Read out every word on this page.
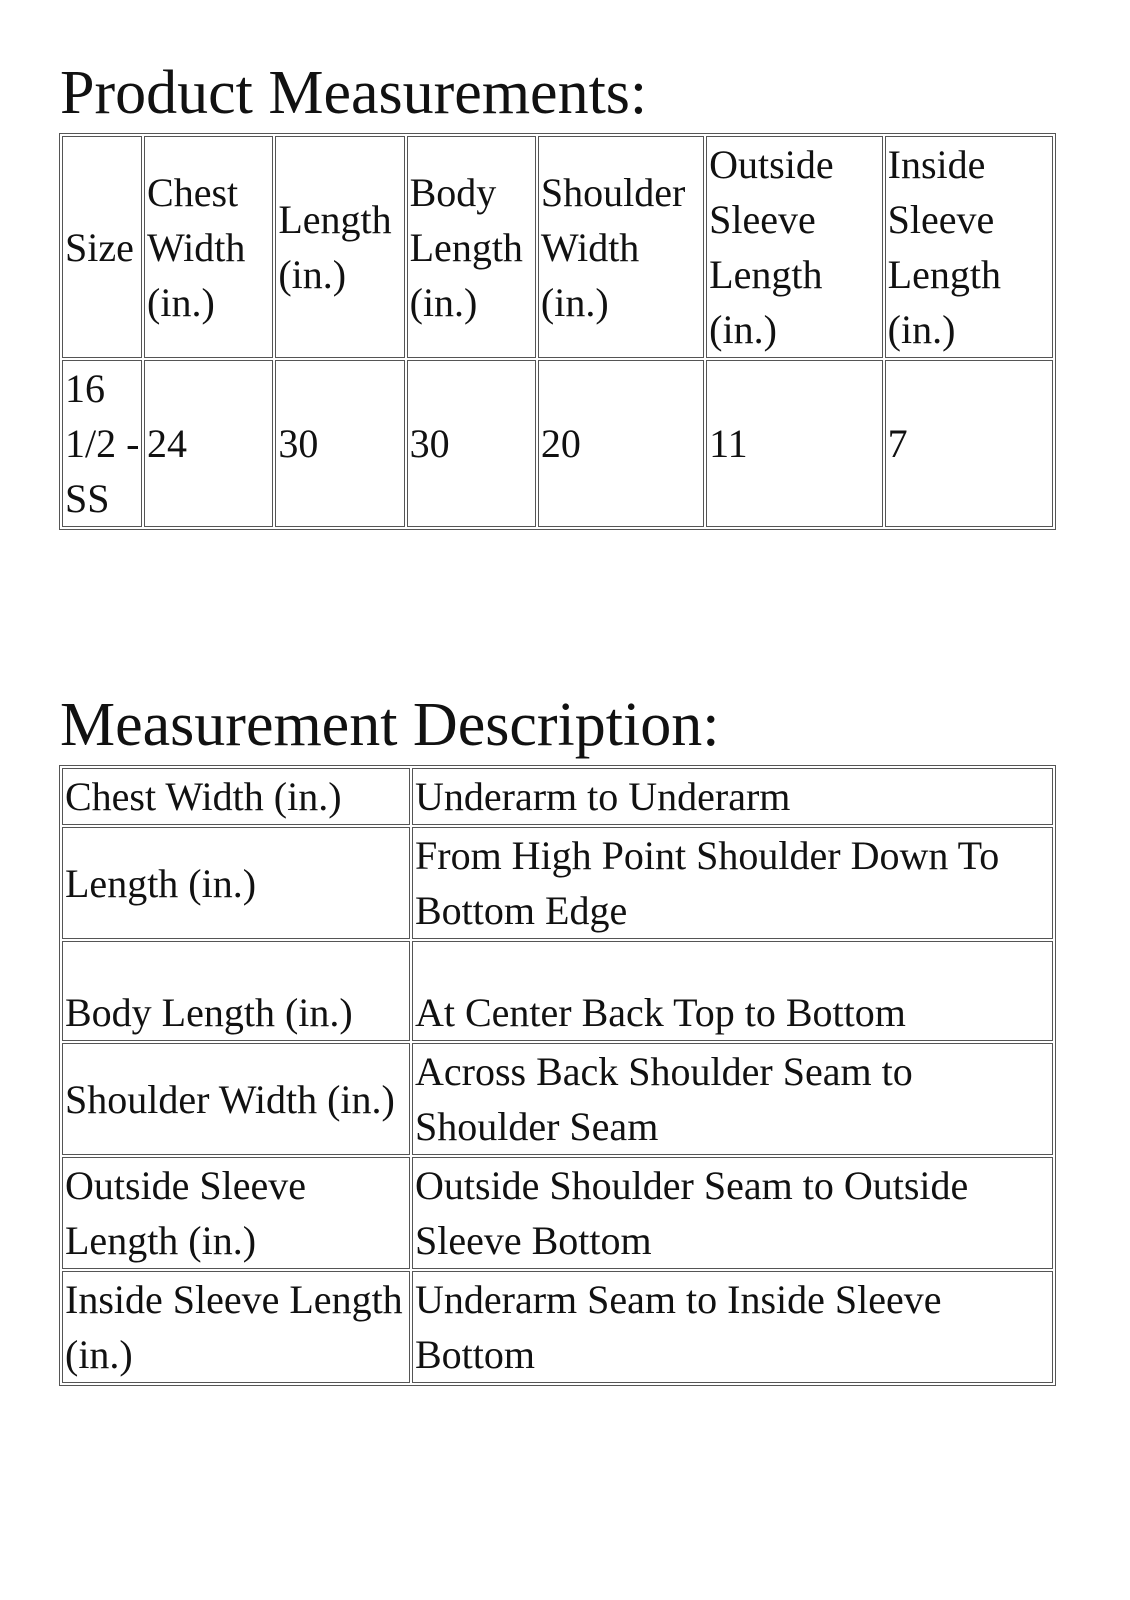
Product Measurements:
Size	Chest Width (in.)	Length (in.)	Body Length (in.)	Shoulder Width (in.)	Outside Sleeve Length (in.)	Inside Sleeve Length (in.)
16 1/2 - SS	24	30	30	20	11	7
Measurement Description:
Chest Width (in.)	Underarm to Underarm
Length (in.)	From High Point Shoulder Down To Bottom Edge
Body Length (in.)	At Center Back Top to Bottom
Shoulder Width (in.)	Across Back Shoulder Seam to Shoulder Seam
Outside Sleeve Length (in.)	Outside Shoulder Seam to Outside Sleeve Bottom
Inside Sleeve Length (in.)	Underarm Seam to Inside Sleeve Bottom
